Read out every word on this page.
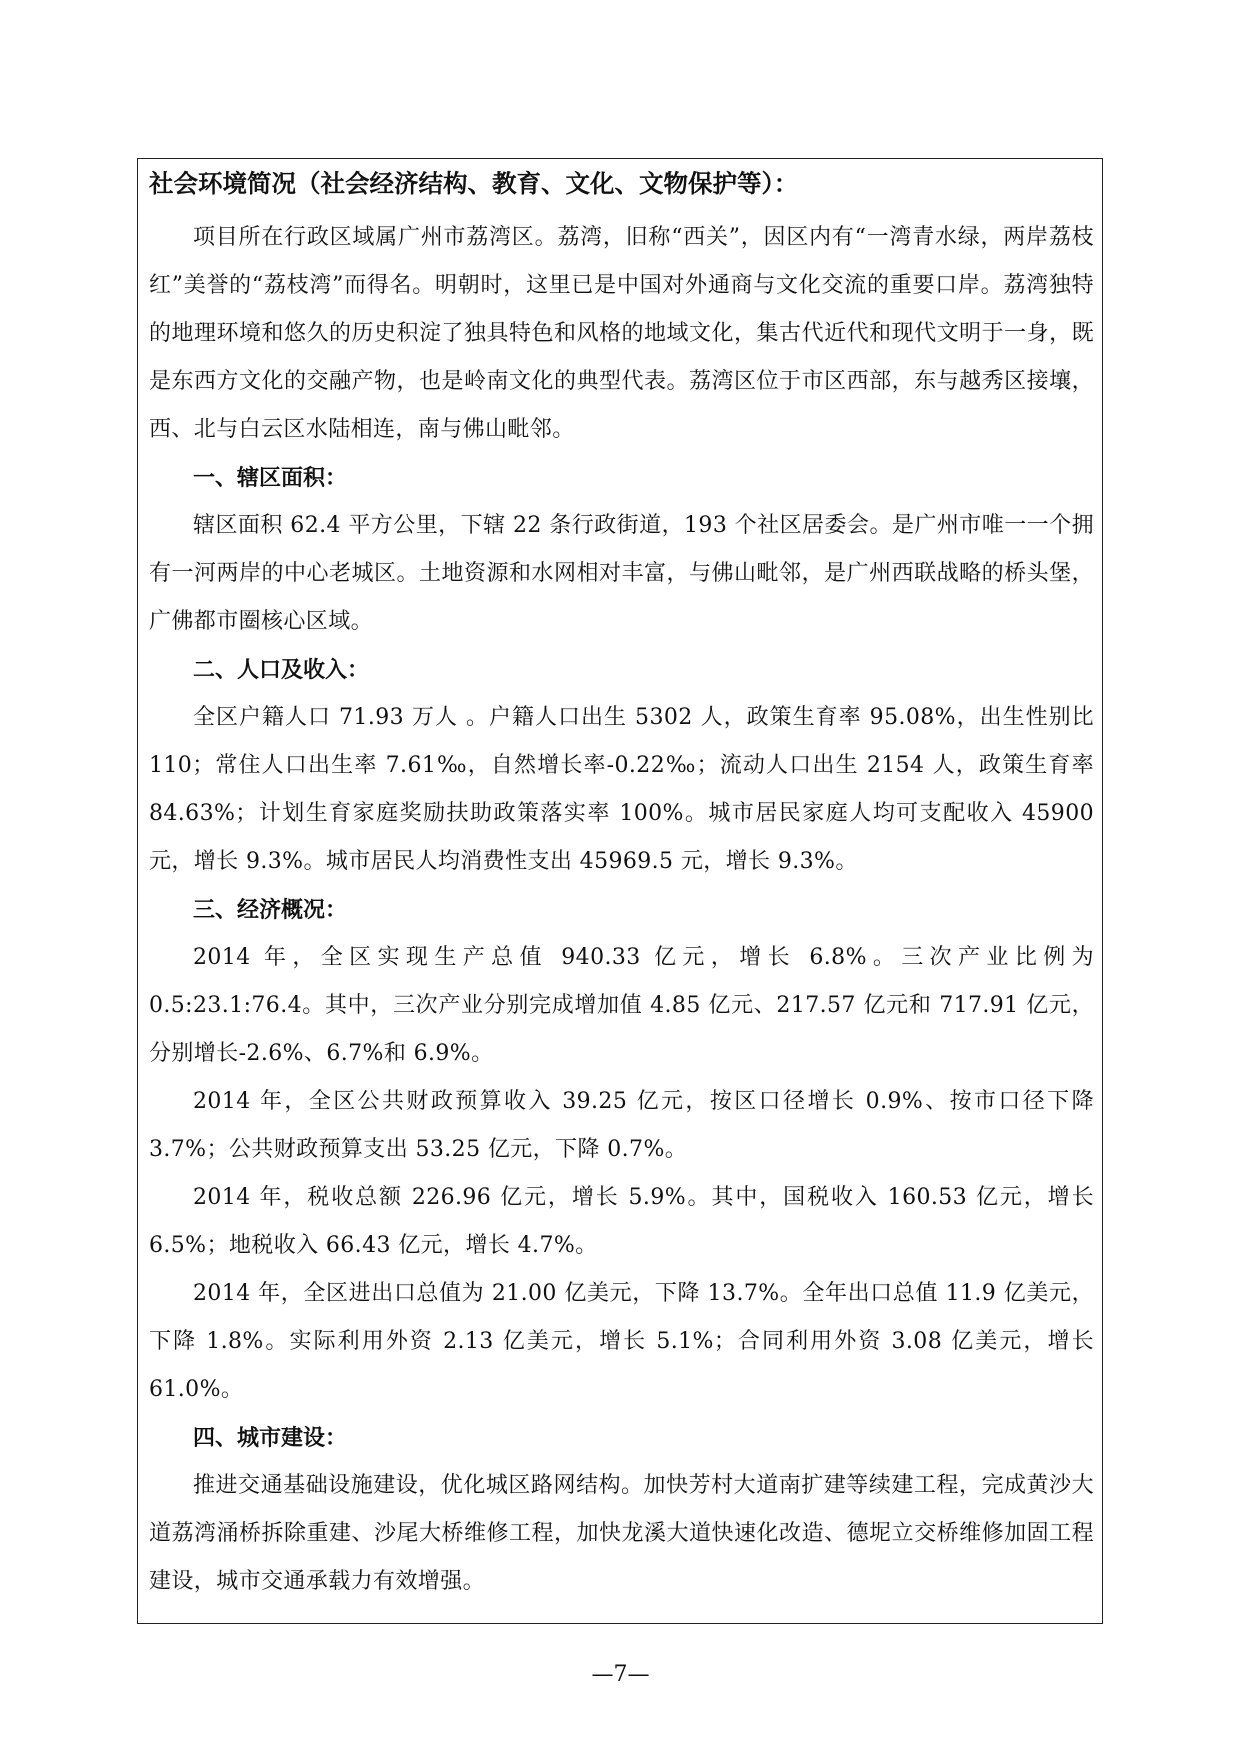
社会环境简况（社会经济结构、教育、文化、文物保护等）：

项目所在行政区域属广州市荔湾区。荔湾，旧称“西关”，因区内有“一湾青水绿，两岸荔枝红”美誉的“荔枝湾”而得名。明朝时，这里已是中国对外通商与文化交流的重要口岸。荔湾独特的地理环境和悠久的历史积淀了独具特色和风格的地域文化，集古代近代和现代文明于一身，既是东西方文化的交融产物，也是岭南文化的典型代表。荔湾区位于市区西部，东与越秀区接壤，西、北与白云区水陆相连，南与佛山毗邻。

一、辖区面积：

辖区面积 62.4 平方公里，下辖 22 条行政街道，193 个社区居委会。是广州市唯一一个拥有一河两岸的中心老城区。土地资源和水网相对丰富，与佛山毗邻，是广州西联战略的桥头堡，广佛都市圈核心区域。

二、人口及收入：

全区户籍人口 71.93 万人 。户籍人口出生 5302 人，政策生育率 95.08%，出生性别比 110；常住人口出生率 7.61‰，自然增长率-0.22‰；流动人口出生 2154 人，政策生育率 84.63%；计划生育家庭奖励扶助政策落实率 100%。城市居民家庭人均可支配收入 45900 元，增长 9.3%。城市居民人均消费性支出 45969.5 元，增长 9.3%。

三、经济概况：

2014 年，全区实现生产总值 940.33 亿元，增长 6.8%。三次产业比例为 0.5:23.1:76.4。其中，三次产业分别完成增加值 4.85 亿元、217.57 亿元和 717.91 亿元，分别增长-2.6%、6.7%和 6.9%。

2014 年，全区公共财政预算收入 39.25 亿元，按区口径增长 0.9%、按市口径下降 3.7%；公共财政预算支出 53.25 亿元，下降 0.7%。

2014 年，税收总额 226.96 亿元，增长 5.9%。其中，国税收入 160.53 亿元，增长 6.5%；地税收入 66.43 亿元，增长 4.7%。

2014 年，全区进出口总值为 21.00 亿美元，下降 13.7%。全年出口总值 11.9 亿美元，下降 1.8%。实际利用外资 2.13 亿美元，增长 5.1%；合同利用外资 3.08 亿美元，增长 61.0%。

四、城市建设：

推进交通基础设施建设，优化城区路网结构。加快芳村大道南扩建等续建工程，完成黄沙大道荔湾涌桥拆除重建、沙尾大桥维修工程，加快龙溪大道快速化改造、德坭立交桥维修加固工程建设，城市交通承载力有效增强。

—7—
